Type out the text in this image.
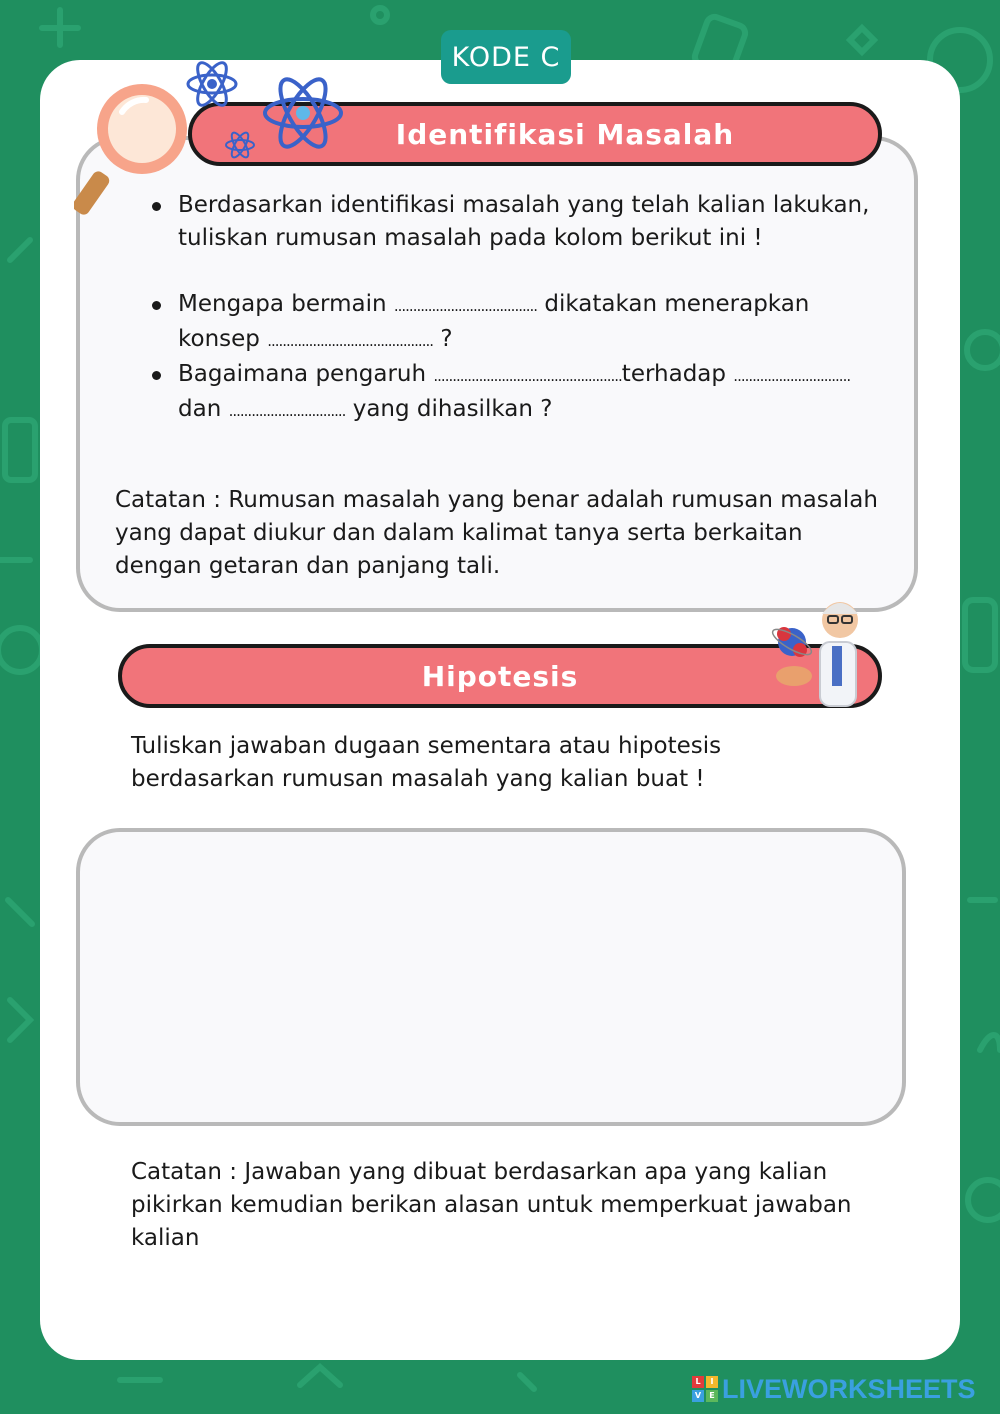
KODE C
Identifikasi Masalah
Berdasarkan identifikasi masalah yang telah kalian lakukan, tuliskan rumusan masalah pada kolom berikut ini !
Mengapa bermain ...................................... dikatakan menerapkan konsep ............................................ ?
Bagaimana pengaruh ..................................................terhadap ............................... dan ............................... yang dihasilkan ?
Catatan : Rumusan masalah yang benar adalah rumusan masalah yang dapat diukur dan dalam kalimat tanya serta berkaitan dengan getaran dan panjang tali.
Hipotesis
Tuliskan jawaban dugaan sementara atau hipotesis berdasarkan rumusan masalah yang kalian buat !
Catatan : Jawaban yang dibuat berdasarkan apa yang kalian pikirkan kemudian berikan alasan untuk memperkuat jawaban kalian
L	I
V	E LIVEWORKSHEETS
